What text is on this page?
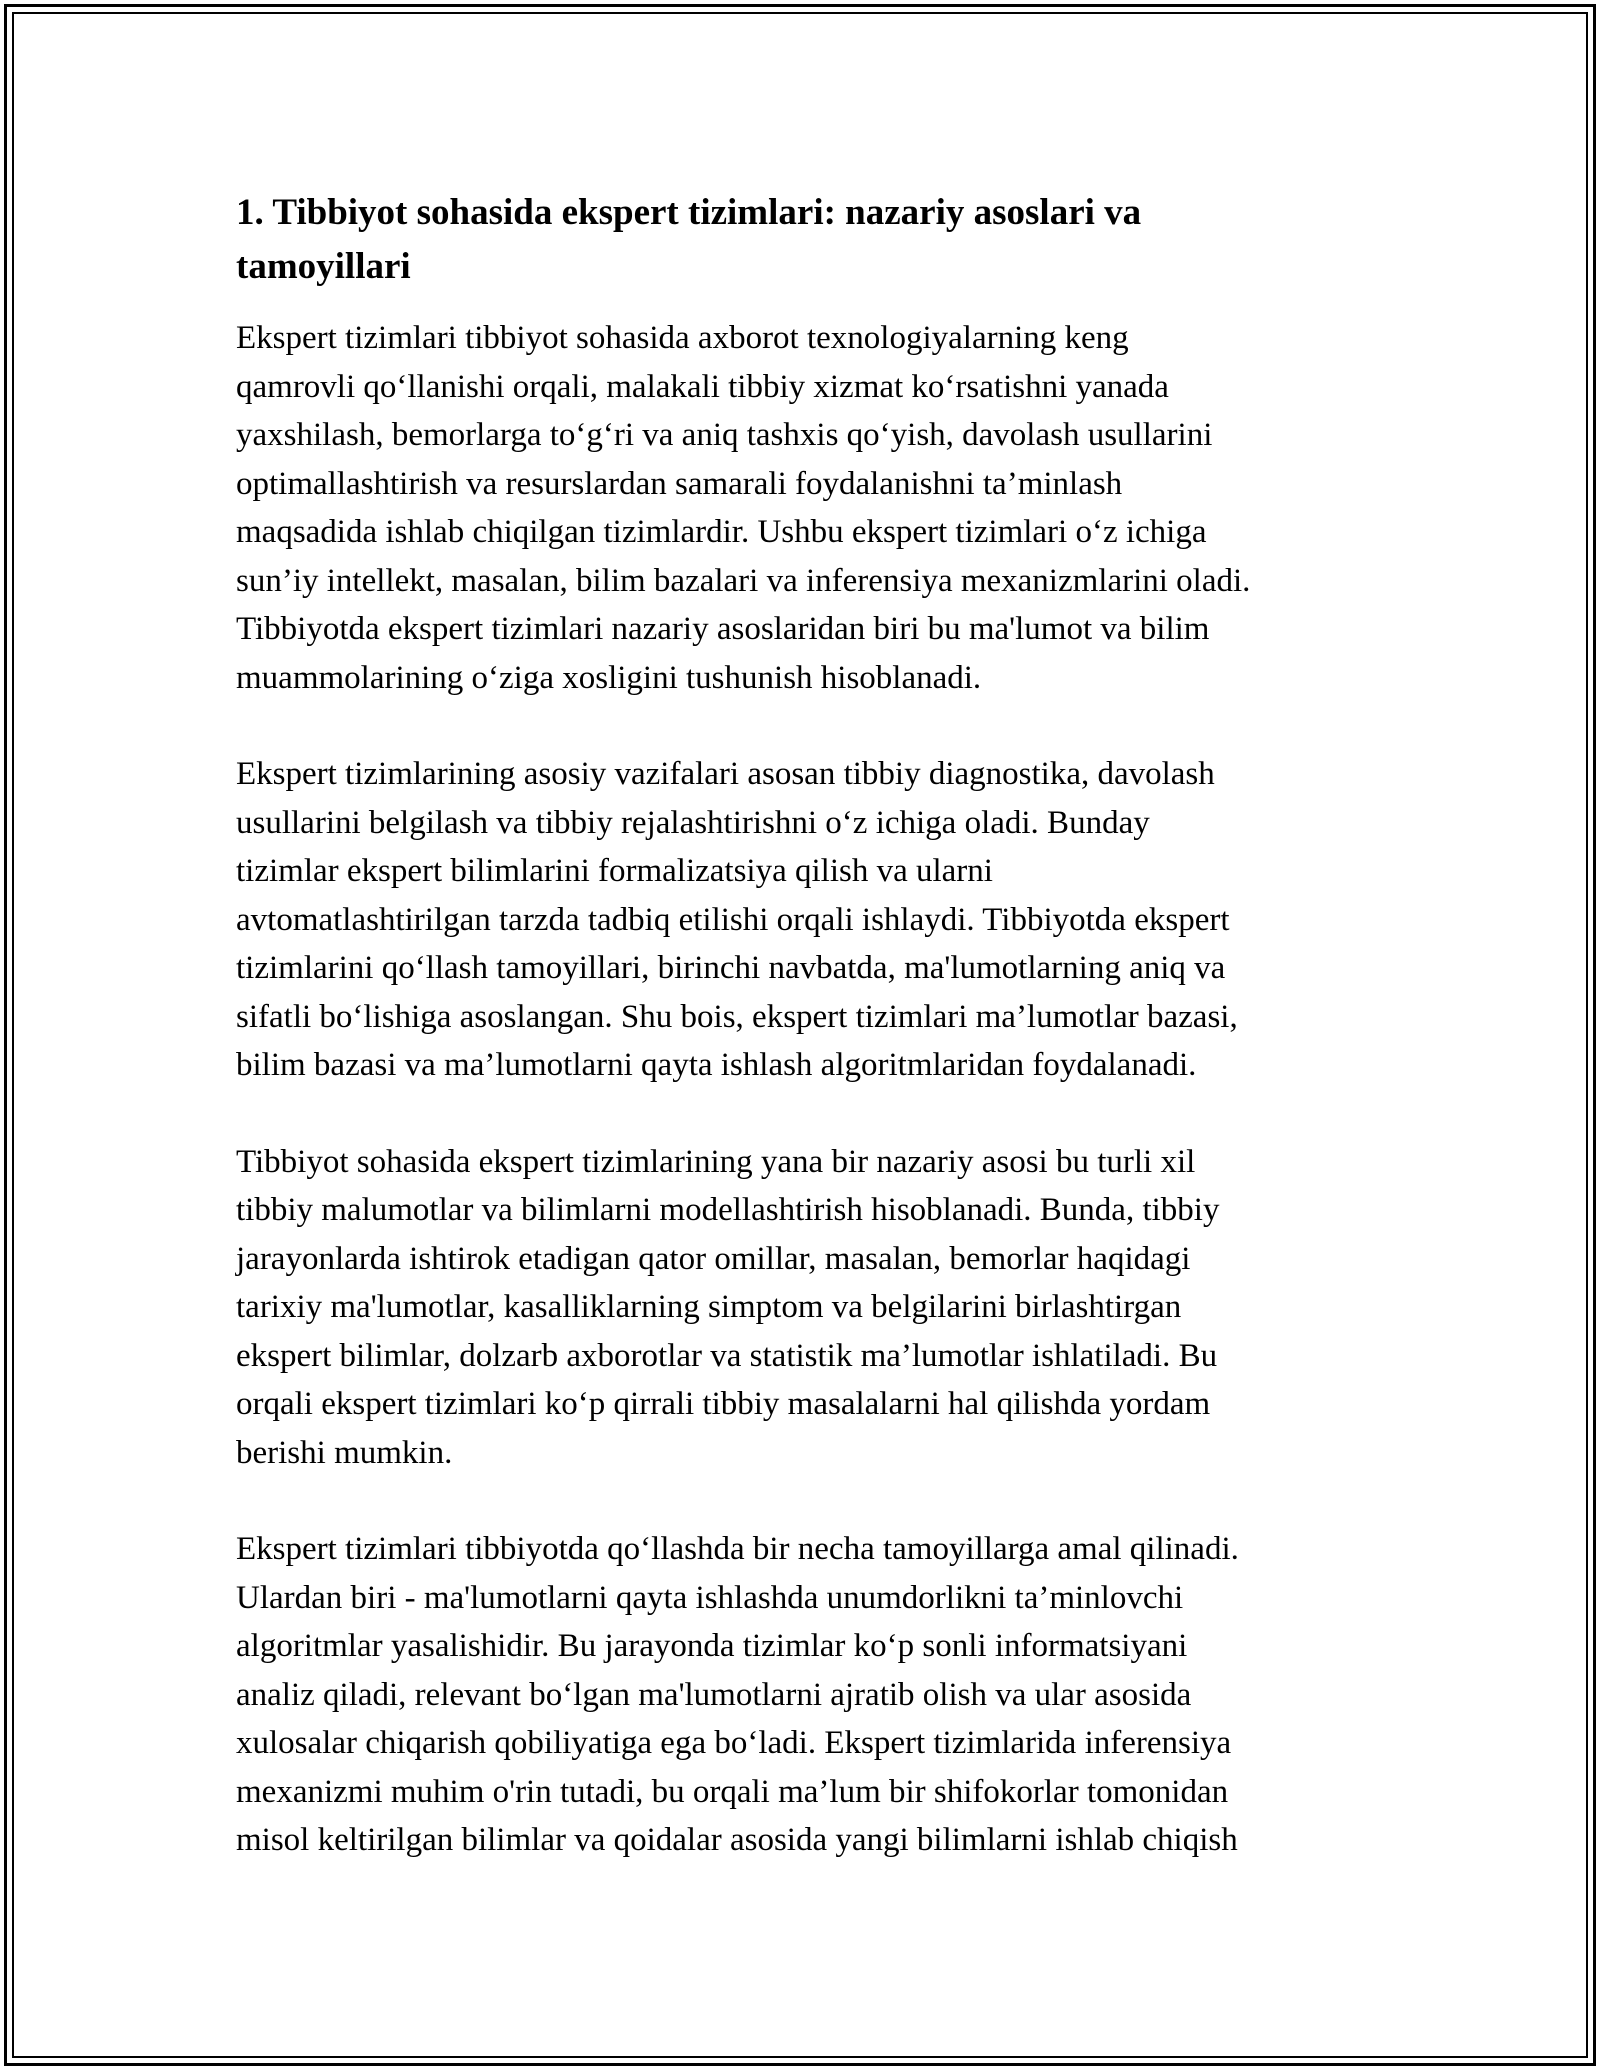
1. Tibbiyot sohasida ekspert tizimlari: nazariy asoslari va
tamoyillari

Ekspert tizimlari tibbiyot sohasida axborot texnologiyalarning keng
qamrovli qo‘llanishi orqali, malakali tibbiy xizmat ko‘rsatishni yanada
yaxshilash, bemorlarga to‘g‘ri va aniq tashxis qo‘yish, davolash usullarini
optimallashtirish va resurslardan samarali foydalanishni ta’minlash
maqsadida ishlab chiqilgan tizimlardir. Ushbu ekspert tizimlari o‘z ichiga
sun’iy intellekt, masalan, bilim bazalari va inferensiya mexanizmlarini oladi.
Tibbiyotda ekspert tizimlari nazariy asoslaridan biri bu ma'lumot va bilim
muammolarining o‘ziga xosligini tushunish hisoblanadi.

Ekspert tizimlarining asosiy vazifalari asosan tibbiy diagnostika, davolash
usullarini belgilash va tibbiy rejalashtirishni o‘z ichiga oladi. Bunday
tizimlar ekspert bilimlarini formalizatsiya qilish va ularni
avtomatlashtirilgan tarzda tadbiq etilishi orqali ishlaydi. Tibbiyotda ekspert
tizimlarini qo‘llash tamoyillari, birinchi navbatda, ma'lumotlarning aniq va
sifatli bo‘lishiga asoslangan. Shu bois, ekspert tizimlari ma’lumotlar bazasi,
bilim bazasi va ma’lumotlarni qayta ishlash algoritmlaridan foydalanadi.

Tibbiyot sohasida ekspert tizimlarining yana bir nazariy asosi bu turli xil
tibbiy malumotlar va bilimlarni modellashtirish hisoblanadi. Bunda, tibbiy
jarayonlarda ishtirok etadigan qator omillar, masalan, bemorlar haqidagi
tarixiy ma'lumotlar, kasalliklarning simptom va belgilarini birlashtirgan
ekspert bilimlar, dolzarb axborotlar va statistik ma’lumotlar ishlatiladi. Bu
orqali ekspert tizimlari ko‘p qirrali tibbiy masalalarni hal qilishda yordam
berishi mumkin.

Ekspert tizimlari tibbiyotda qo‘llashda bir necha tamoyillarga amal qilinadi.
Ulardan biri - ma'lumotlarni qayta ishlashda unumdorlikni ta’minlovchi
algoritmlar yasalishidir. Bu jarayonda tizimlar ko‘p sonli informatsiyani
analiz qiladi, relevant bo‘lgan ma'lumotlarni ajratib olish va ular asosida
xulosalar chiqarish qobiliyatiga ega bo‘ladi. Ekspert tizimlarida inferensiya
mexanizmi muhim o'rin tutadi, bu orqali ma’lum bir shifokorlar tomonidan
misol keltirilgan bilimlar va qoidalar asosida yangi bilimlarni ishlab chiqish
